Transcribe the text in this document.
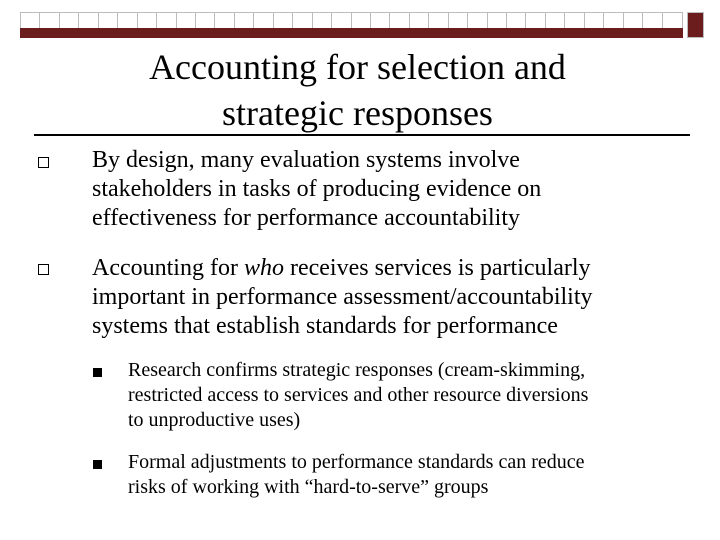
Accounting for selection and
strategic responses
By design, many evaluation systems involve
stakeholders in tasks of producing evidence on
effectiveness for performance accountability
Accounting for who receives services is particularly
important in performance assessment/accountability
systems that establish standards for performance
Research confirms strategic responses (cream-skimming,
restricted access to services and other resource diversions
to unproductive uses)
Formal adjustments to performance standards can reduce
risks of working with “hard-to-serve” groups
